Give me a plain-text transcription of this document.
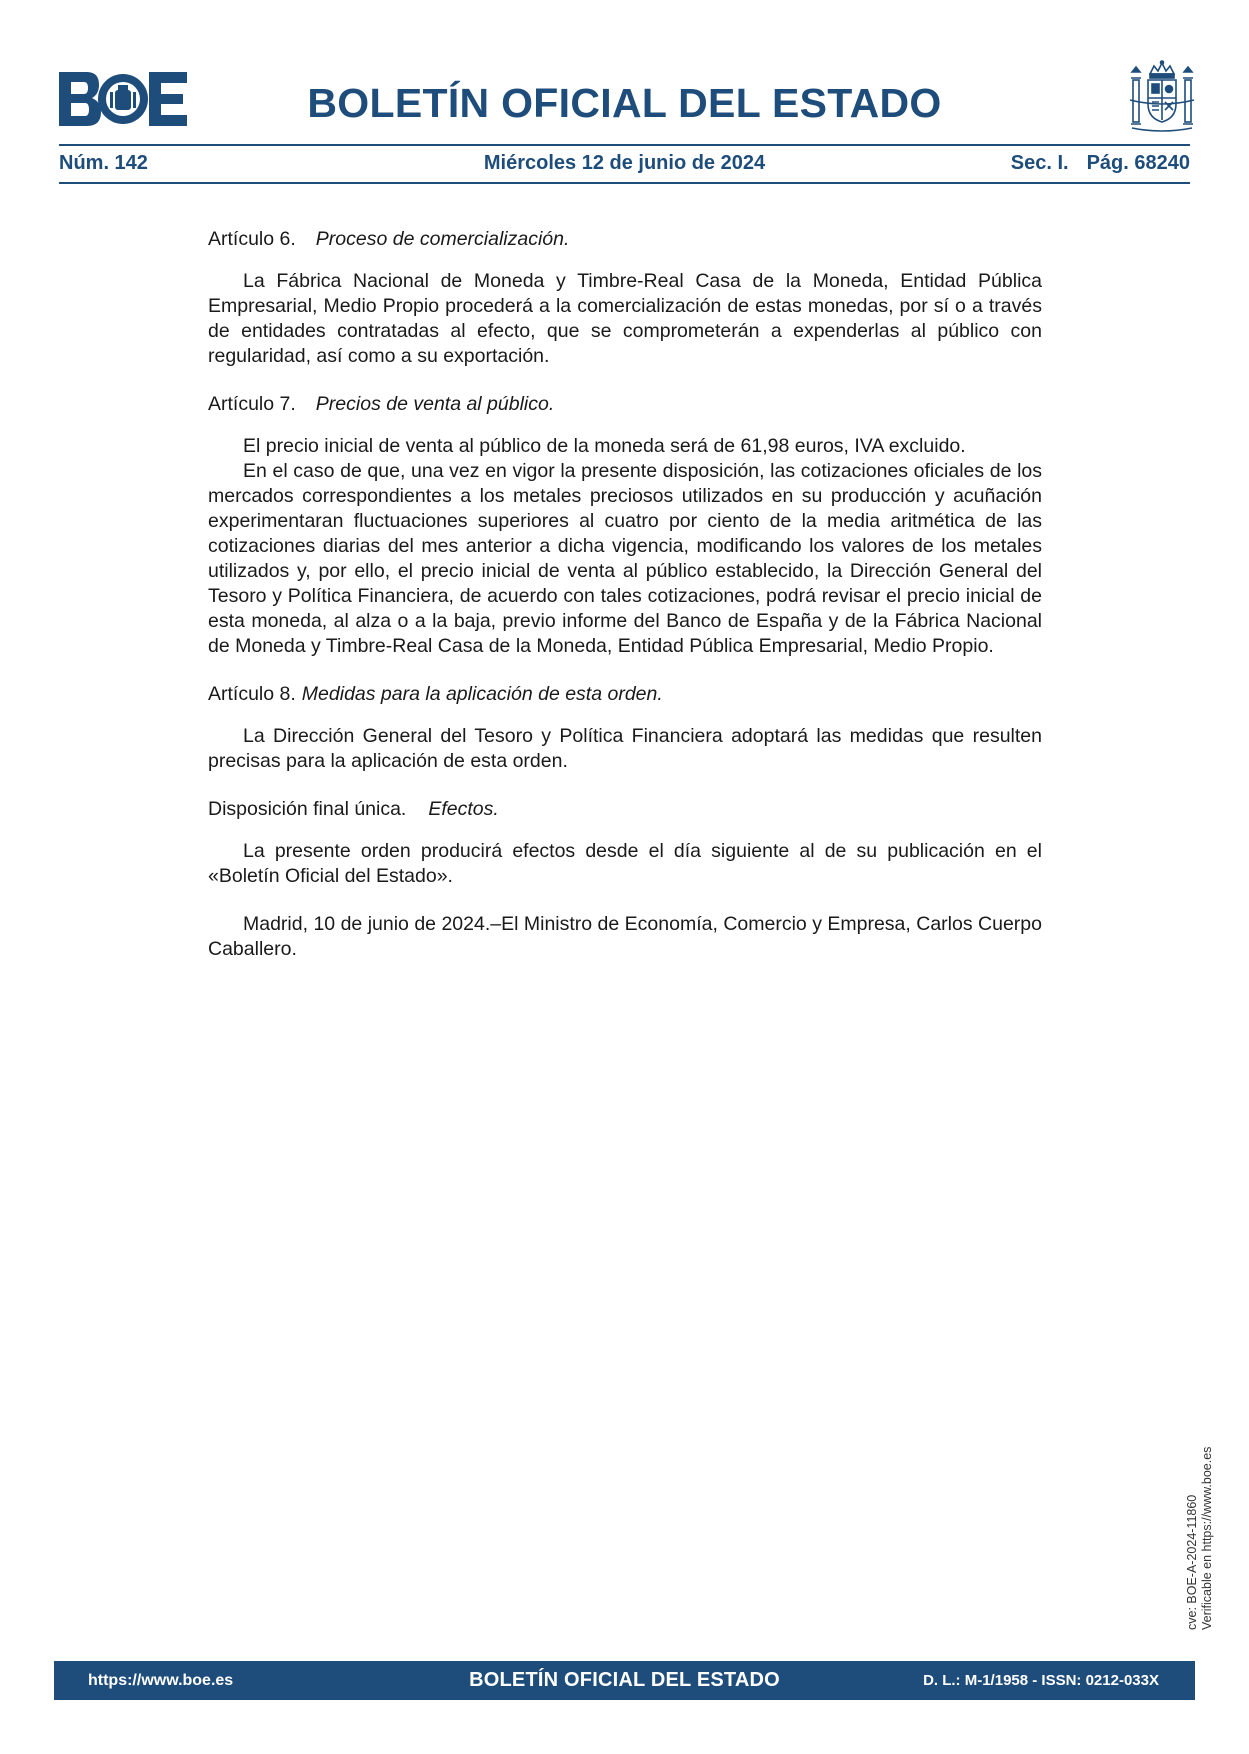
BOLETÍN OFICIAL DEL ESTADO
Núm. 142	Miércoles 12 de junio de 2024	Sec. I. Pág. 68240

Artículo 6. Proceso de comercialización.

La Fábrica Nacional de Moneda y Timbre-Real Casa de la Moneda, Entidad Pública Empresarial, Medio Propio procederá a la comercialización de estas monedas, por sí o a través de entidades contratadas al efecto, que se comprometerán a expenderlas al público con regularidad, así como a su exportación.

Artículo 7. Precios de venta al público.

El precio inicial de venta al público de la moneda será de 61,98 euros, IVA excluido.

En el caso de que, una vez en vigor la presente disposición, las cotizaciones oficiales de los mercados correspondientes a los metales preciosos utilizados en su producción y acuñación experimentaran fluctuaciones superiores al cuatro por ciento de la media aritmética de las cotizaciones diarias del mes anterior a dicha vigencia, modificando los valores de los metales utilizados y, por ello, el precio inicial de venta al público establecido, la Dirección General del Tesoro y Política Financiera, de acuerdo con tales cotizaciones, podrá revisar el precio inicial de esta moneda, al alza o a la baja, previo informe del Banco de España y de la Fábrica Nacional de Moneda y Timbre-Real Casa de la Moneda, Entidad Pública Empresarial, Medio Propio.

Artículo 8. Medidas para la aplicación de esta orden.

La Dirección General del Tesoro y Política Financiera adoptará las medidas que resulten precisas para la aplicación de esta orden.

Disposición final única. Efectos.

La presente orden producirá efectos desde el día siguiente al de su publicación en el «Boletín Oficial del Estado».

Madrid, 10 de junio de 2024.–El Ministro de Economía, Comercio y Empresa, Carlos Cuerpo Caballero.

cve: BOE-A-2024-11860 Verificable en https://www.boe.es
https://www.boe.es	BOLETÍN OFICIAL DEL ESTADO	D. L.: M-1/1958 - ISSN: 0212-033X
